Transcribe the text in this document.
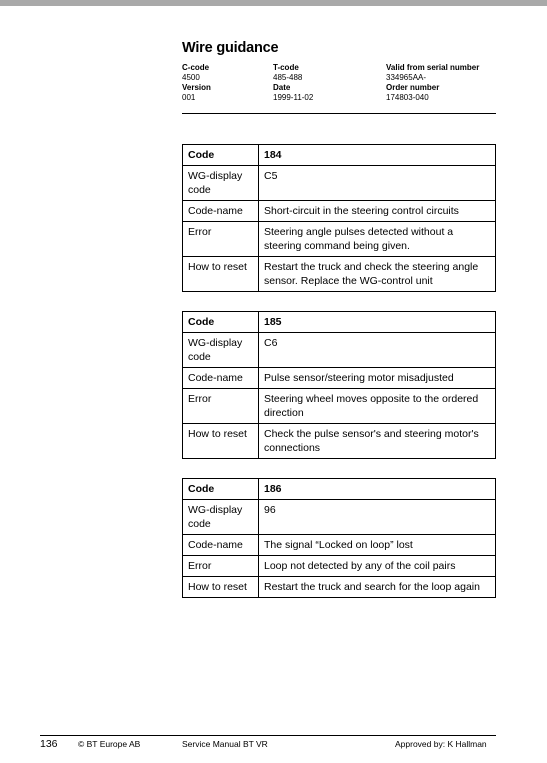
Wire guidance
C-code
4500
Version
001
T-code
485-488
Date
1999-11-02
Valid from serial number
334965AA-
Order number
174803-040
Code	184
WG-display code	C5
Code-name	Short-circuit in the steering control circuits
Error	Steering angle pulses detected without a steering command being given.
How to reset	Restart the truck and check the steering angle sensor. Replace the WG-control unit
Code	185
WG-display code	C6
Code-name	Pulse sensor/steering motor misadjusted
Error	Steering wheel moves opposite to the ordered direction
How to reset	Check the pulse sensor's and steering motor's connections
Code	186
WG-display code	96
Code-name	The signal “Locked on loop” lost
Error	Loop not detected by any of the coil pairs
How to reset	Restart the truck and search for the loop again
136 © BT Europe AB	Service Manual BT VR	Approved by: K Hallman
